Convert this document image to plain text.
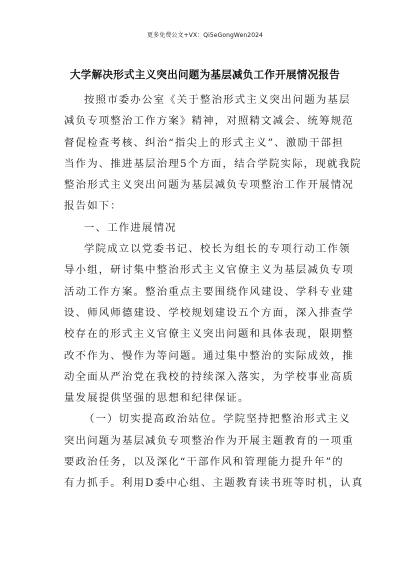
更多免费公文+VX：Qi5eGongWen2024
大学解决形式主义突出问题为基层减负工作开展情况报告
按照市委办公室《关于整治形式主义突出问题为基层
减负专项整治工作方案》精神，对照精文减会、统筹规范
督促检查考核、纠治“指尖上的形式主义”、激励干部担
当作为、推进基层治理5个方面，结合学院实际，现就我院
整治形式主义突出问题为基层减负专项整治工作开展情况
报告如下：
一、工作进展情况
学院成立以党委书记、校长为组长的专项行动工作领
导小组，研讨集中整治形式主义官僚主义为基层减负专项
活动工作方案。整治重点主要围绕作风建设、学科专业建
设、师风师德建设、学校规划建设五个方面，深入排查学
校存在的形式主义官僚主义突出问题和具体表现，限期整
改不作为、慢作为等问题。通过集中整治的实际成效，推
动全面从严治党在我校的持续深入落实，为学校事业高质
量发展提供坚强的思想和纪律保证。
（一）切实提高政治站位。学院坚持把整治形式主义
突出问题为基层减负专项整治作为开展主题教育的一项重
要政治任务，以及深化“干部作风和管理能力提升年”的
有力抓手。利用D委中心组、主题教育读书班等时机，认真
